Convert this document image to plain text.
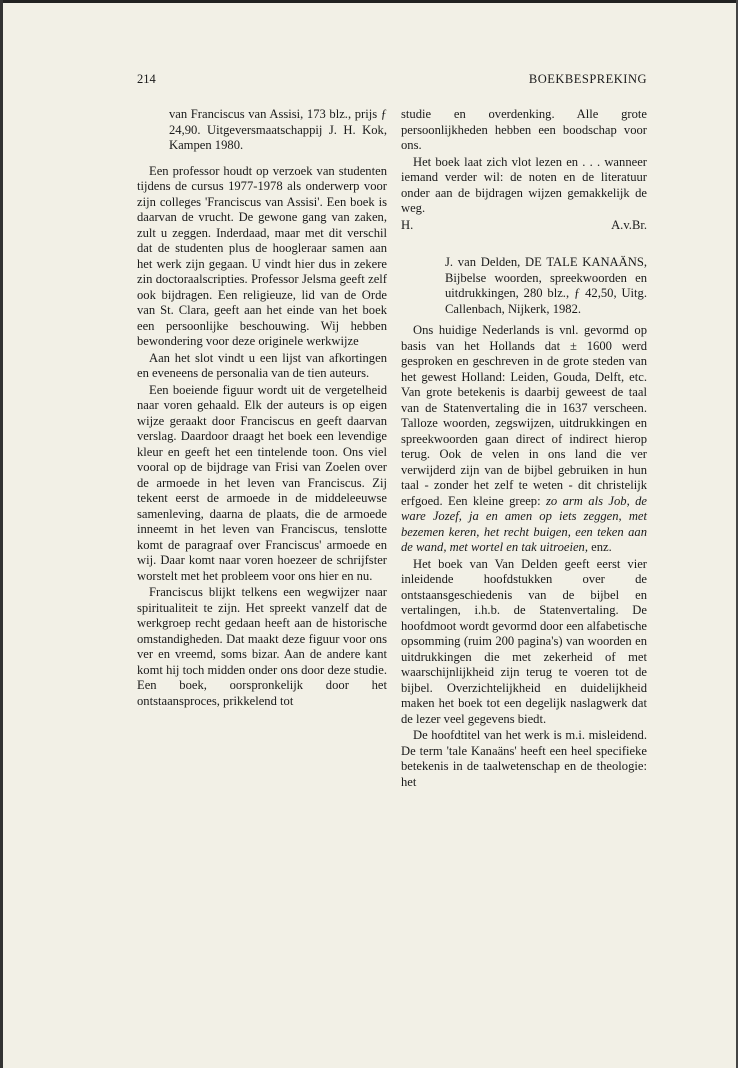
214	BOEKBESPREKING

van Franciscus van Assisi, 173 blz., prijs ƒ 24,90. Uitgeversmaatschappij J. H. Kok, Kampen 1980.

Een professor houdt op verzoek van studenten tijdens de cursus 1977-1978 als onderwerp voor zijn colleges 'Franciscus van Assisi'. Een boek is daarvan de vrucht. De gewone gang van zaken, zult u zeggen. Inderdaad, maar met dit verschil dat de studenten plus de hoogleraar samen aan het werk zijn gegaan. U vindt hier dus in zekere zin doctoraalscripties. Professor Jelsma geeft zelf ook bijdragen. Een religieuze, lid van de Orde van St. Clara, geeft aan het einde van het boek een persoonlijke beschouwing. Wij hebben bewondering voor deze originele werkwijze

Aan het slot vindt u een lijst van afkortingen en eveneens de personalia van de tien auteurs.

Een boeiende figuur wordt uit de vergetelheid naar voren gehaald. Elk der auteurs is op eigen wijze geraakt door Franciscus en geeft daarvan verslag. Daardoor draagt het boek een levendige kleur en geeft het een tintelende toon. Ons viel vooral op de bijdrage van Frisi van Zoelen over de armoede in het leven van Franciscus. Zij tekent eerst de armoede in de middeleeuwse samenleving, daarna de plaats, die de armoede inneemt in het leven van Franciscus, tenslotte komt de paragraaf over Franciscus' armoede en wij. Daar komt naar voren hoezeer de schrijfster worstelt met het probleem voor ons hier en nu.

Franciscus blijkt telkens een wegwijzer naar spiritualiteit te zijn. Het spreekt vanzelf dat de werkgroep recht gedaan heeft aan de historische omstandigheden. Dat maakt deze figuur voor ons ver en vreemd, soms bizar. Aan de andere kant komt hij toch midden onder ons door deze studie. Een boek, oorspronkelijk door het ontstaansproces, prikkelend tot

studie en overdenking. Alle grote persoonlijkheden hebben een boodschap voor ons.

Het boek laat zich vlot lezen en . . . wanneer iemand verder wil: de noten en de literatuur onder aan de bijdragen wijzen gemakkelijk de weg.

H.	A.v.Br.

J. van Delden, DE TALE KANAÄNS, Bijbelse woorden, spreekwoorden en uitdrukkingen, 280 blz., ƒ 42,50, Uitg. Callenbach, Nijkerk, 1982.

Ons huidige Nederlands is vnl. gevormd op basis van het Hollands dat ± 1600 werd gesproken en geschreven in de grote steden van het gewest Holland: Leiden, Gouda, Delft, etc. Van grote betekenis is daarbij geweest de taal van de Statenvertaling die in 1637 verscheen. Talloze woorden, zegswijzen, uitdrukkingen en spreekwoorden gaan direct of indirect hierop terug. Ook de velen in ons land die ver verwijderd zijn van de bijbel gebruiken in hun taal - zonder het zelf te weten - dit christelijk erfgoed. Een kleine greep: zo arm als Job, de ware Jozef, ja en amen op iets zeggen, met bezemen keren, het recht buigen, een teken aan de wand, met wortel en tak uitroeien, enz.

Het boek van Van Delden geeft eerst vier inleidende hoofdstukken over de ontstaansgeschiedenis van de bijbel en vertalingen, i.h.b. de Statenvertaling. De hoofdmoot wordt gevormd door een alfabetische opsomming (ruim 200 pagina's) van woorden en uitdrukkingen die met zekerheid of met waarschijnlijkheid zijn terug te voeren tot de bijbel. Overzichtelijkheid en duidelijkheid maken het boek tot een degelijk naslagwerk dat de lezer veel gegevens biedt.

De hoofdtitel van het werk is m.i. misleidend. De term 'tale Kanaäns' heeft een heel specifieke betekenis in de taalwetenschap en de theologie: het
